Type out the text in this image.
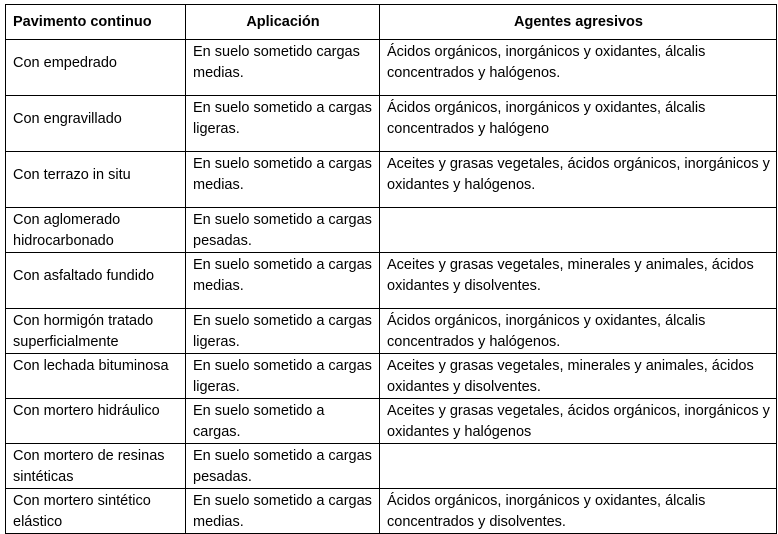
Pavimento continuo	Aplicación	Agentes agresivos
Con empedrado	En suelo sometido cargas medias.	Ácidos orgánicos, inorgánicos y oxidantes, álcalis concentrados y halógenos.
Con engravillado	En suelo sometido a cargas ligeras.	Ácidos orgánicos, inorgánicos y oxidantes, álcalis concentrados y halógeno
Con terrazo in situ	En suelo sometido a cargas medias.	Aceites y grasas vegetales, ácidos orgánicos, inorgánicos y oxidantes y halógenos.
Con aglomerado hidrocarbonado	En suelo sometido a cargas pesadas.	
Con asfaltado fundido	En suelo sometido a cargas medias.	Aceites y grasas vegetales, minerales y animales, ácidos oxidantes y disolventes.
Con hormigón tratado superficialmente	En suelo sometido a cargas ligeras.	Ácidos orgánicos, inorgánicos y oxidantes, álcalis concentrados y halógenos.
Con lechada bituminosa	En suelo sometido a cargas ligeras.	Aceites y grasas vegetales, minerales y animales, ácidos oxidantes y disolventes.
Con mortero hidráulico	En suelo sometido a cargas.	Aceites y grasas vegetales, ácidos orgánicos, inorgánicos y oxidantes y halógenos
Con mortero de resinas sintéticas	En suelo sometido a cargas pesadas.	
Con mortero sintético elástico	En suelo sometido a cargas medias.	Ácidos orgánicos, inorgánicos y oxidantes, álcalis concentrados y disolventes.
